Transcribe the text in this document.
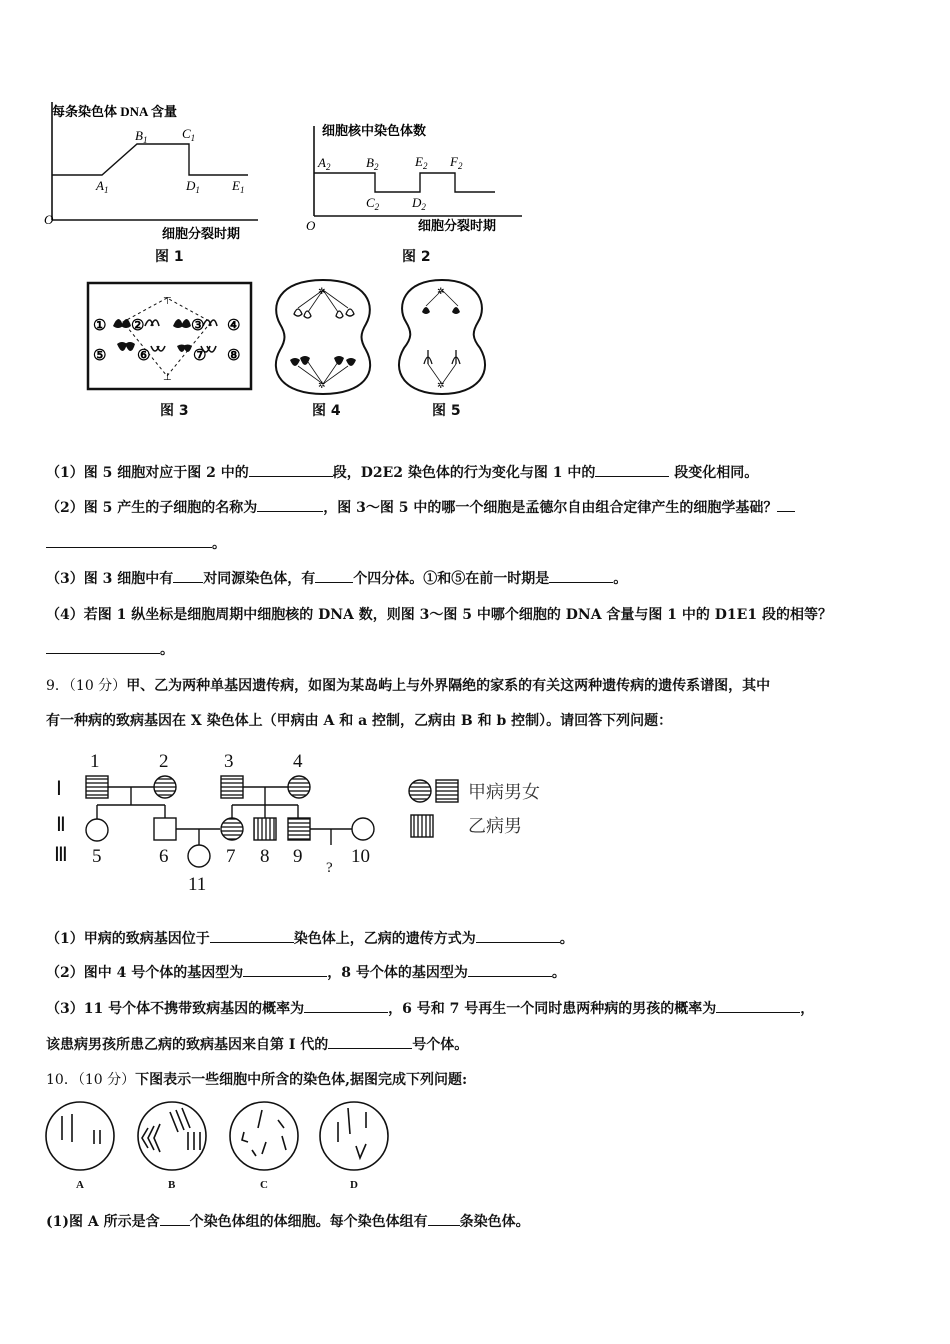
每条染色体 DNA 含量
O
$A_1$
$B_1$	$C_1$
$D_1$ $E_1$
细胞分裂时期
图 1
细胞核中染色体数
O
$A_2$	$B_2$
$C_2$	$D_2$
$E_2$ $F_2$
细胞分裂时期
图 2
⊤
⊥
① ②	③ ④
⑤ ⑥	⑦ ⑧
图 3
✲
✲
图 4
✲
✲
图 5
（1）图 5 细胞对应于图 2 中的	段，D2E2 染色体的行为变化与图 1 中的	段变化相同。
（2）图 5 产生的子细胞的名称为	，图 3～图 5 中的哪一个细胞是孟德尔自由组合定律产生的细胞学基础？
。
（3）图 3 细胞中有 对同源染色体，有	个四分体。①和⑤在前一时期是	。
（4）若图 1 纵坐标是细胞周期中细胞核的 DNA 数，则图 3～图 5 中哪个细胞的 DNA 含量与图 1 中的 D1E1 段的相等？
。
9．（10 分）甲、乙为两种单基因遗传病，如图为某岛屿上与外界隔绝的家系的有关这两种遗传病的遗传系谱图，其中
有一种病的致病基因在 X 染色体上（甲病由 A 和 a 控制，乙病由 B 和 b 控制）。请回答下列问题：
Ⅰ
Ⅱ
Ⅲ
1	2	3	4
5	6	7 8 9	10
11
?
甲病男女
乙病男
（1）甲病的致病基因位于	染色体上，乙病的遗传方式为	。
（2）图中 4 号个体的基因型为	，8 号个体的基因型为	。
（3）11 号个体不携带致病基因的概率为	，6 号和 7 号再生一个同时患两种病的男孩的概率为	，
该患病男孩所患乙病的致病基因来自第 I 代的	号个体。
10．（10 分）下图表示一些细胞中所含的染色体,据图完成下列问题:
A	B	C	D
(1)图 A 所示是含 个染色体组的体细胞。每个染色体组有 条染色体。
